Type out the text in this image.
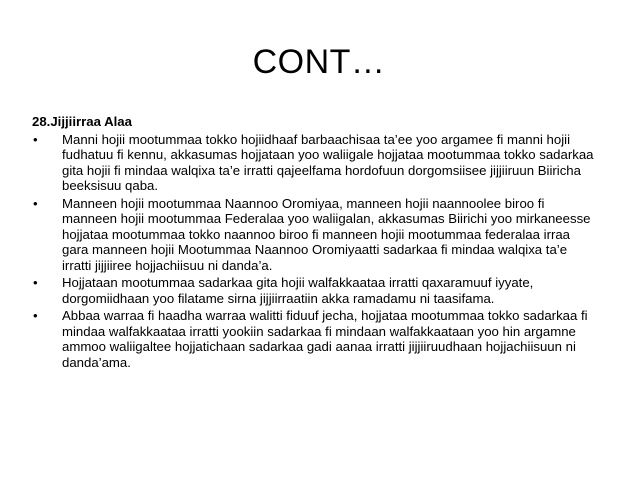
CONT…
28.Jijjiirraa Alaa
• Manni hojii mootummaa tokko hojiidhaaf barbaachisaa ta’ee yoo argamee fi manni hojii fudhatuu fi kennu, akkasumas hojjataan yoo waliigale hojjataa mootummaa tokko sadarkaa gita hojii fi mindaa walqixa ta’e irratti qajeelfama hordofuun dorgomsiisee jijjiiruun Biiricha beeksisuu qaba.
• Manneen hojii mootummaa Naannoo Oromiyaa, manneen hojii naannoolee biroo fi manneen hojii mootummaa Federalaa yoo waliigalan, akkasumas Biirichi yoo mirkaneesse hojjataa mootummaa tokko naannoo biroo fi manneen hojii mootummaa federalaa irraa gara manneen hojii Mootummaa Naannoo Oromiyaatti sadarkaa fi mindaa walqixa ta’e irratti jijjiiree hojjachiisuu ni danda’a.
• Hojjataan mootummaa sadarkaa gita hojii walfakkaataa irratti qaxaramuuf iyyate, dorgomiidhaan yoo filatame sirna jijjiirraatiin akka ramadamu ni taasifama.
• Abbaa warraa fi haadha warraa walitti fiduuf jecha, hojjataa mootummaa tokko sadarkaa fi mindaa walfakkaataa irratti yookiin sadarkaa fi mindaan walfakkaataan yoo hin argamne ammoo waliigaltee hojjatichaan sadarkaa gadi aanaa irratti jijjiiruudhaan hojjachiisuun ni danda’ama.
